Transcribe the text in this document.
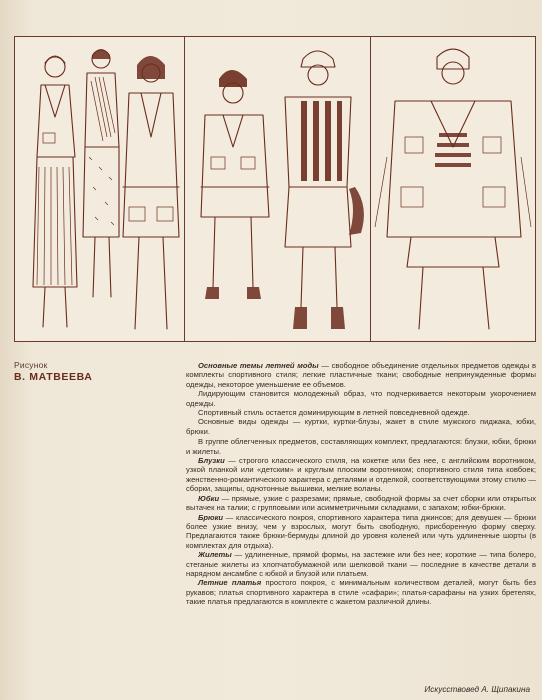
Рисунок
В. МАТВЕЕВА

Основные темы летней моды — свободное объединение отдельных предметов одежды в комплекты спортивного стиля; легкие пластичные ткани; свободные непринужденные формы одежды, некоторое уменьшение ее объемов.

Лидирующим становится молодежный образ, что подчеркивается некоторым укорочением одежды.

Спортивный стиль остается доминирующим в летней повседневной одежде.

Основные виды одежды — куртки, куртки-блузы, жакет в стиле мужского пиджака, юбки, брюки.

В группе облегченных предметов, составляющих комплект, предлагаются: блузки, юбки, брюки и жилеты.

Блузки — строгого классического стиля, на кокетке или без нее, с английским воротником, узкой планкой или «детским» и круглым плоским воротником; спортивного стиля типа ковбоек; женственно-романтического характера с деталями и отделкой, соответствующими этому стилю — сборки, защипы, однотонные вышивки, мелкие воланы.

Юбки — прямые, узкие с разрезами; прямые, свободной формы за счет сборки или открытых вытачек на талии; с групповыми или асимметричными складками, с запахом; юбки-брюки.

Брюки — классического покроя, спортивного характера типа джинсов; для девушек — брюки более узкие внизу, чем у взрослых, могут быть свободную, присборенную форму сверху. Предлагаются также брюки-бермуды длиной до уровня коленей или чуть удлиненные шорты (в комплектах для отдыха).

Жилеты — удлиненные, прямой формы, на застежке или без нее; короткие — типа болеро, стеганые жилеты из хлопчатобумажной или шелковой ткани — последние в качестве детали в нарядном ансамбле с юбкой и блузой или платьем.

Летние платья простого покроя, с минимальным количеством деталей, могут быть без рукавов; платья спортивного характера в стиле «сафари»; платья-сарафаны на узких бретелях, такие платья предлагаются в комплекте с жакетом различной длины.

Искусствовед А. Щипакина
